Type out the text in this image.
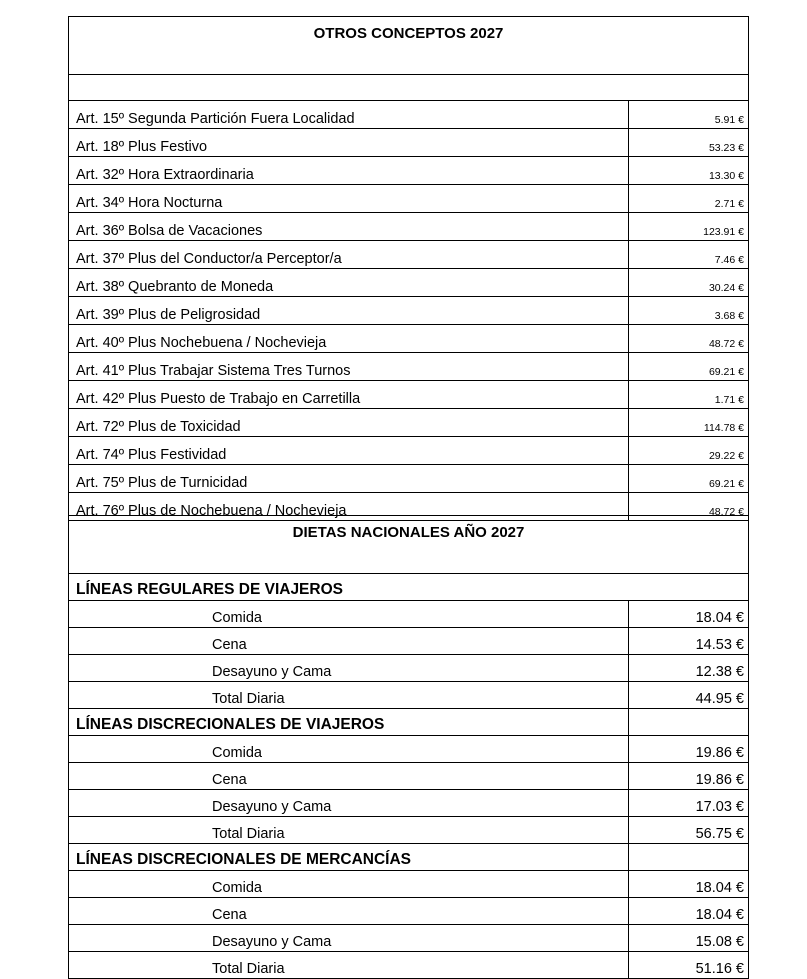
OTROS CONCEPTOS 2027	

Art. 15º Segunda Partición Fuera Localidad	5.91 €
Art. 18º Plus Festivo	53.23 €
Art. 32º Hora Extraordinaria	13.30 €
Art. 34º Hora Nocturna	2.71 €
Art. 36º Bolsa de Vacaciones	123.91 €
Art. 37º Plus del Conductor/a Perceptor/a	7.46 €
Art. 38º Quebranto de Moneda	30.24 €
Art. 39º Plus de Peligrosidad	3.68 €
Art. 40º Plus Nochebuena / Nochevieja	48.72 €
Art. 41º Plus Trabajar Sistema Tres Turnos	69.21 €
Art. 42º Plus Puesto de Trabajo en Carretilla	1.71 €
Art. 72º Plus de Toxicidad	114.78 €
Art. 74º Plus Festividad	29.22 €
Art. 75º Plus de Turnicidad	69.21 €
Art. 76º Plus de Nochebuena / Nochevieja	48.72 €
DIETAS NACIONALES AÑO 2027	
LÍNEAS REGULARES DE VIAJEROS	
Comida	18.04 €
Cena	14.53 €
Desayuno y Cama	12.38 €
Total Diaria	44.95 €
LÍNEAS DISCRECIONALES DE VIAJEROS	
Comida	19.86 €
Cena	19.86 €
Desayuno y Cama	17.03 €
Total Diaria	56.75 €
LÍNEAS DISCRECIONALES DE MERCANCÍAS	
Comida	18.04 €
Cena	18.04 €
Desayuno y Cama	15.08 €
Total Diaria	51.16 €
